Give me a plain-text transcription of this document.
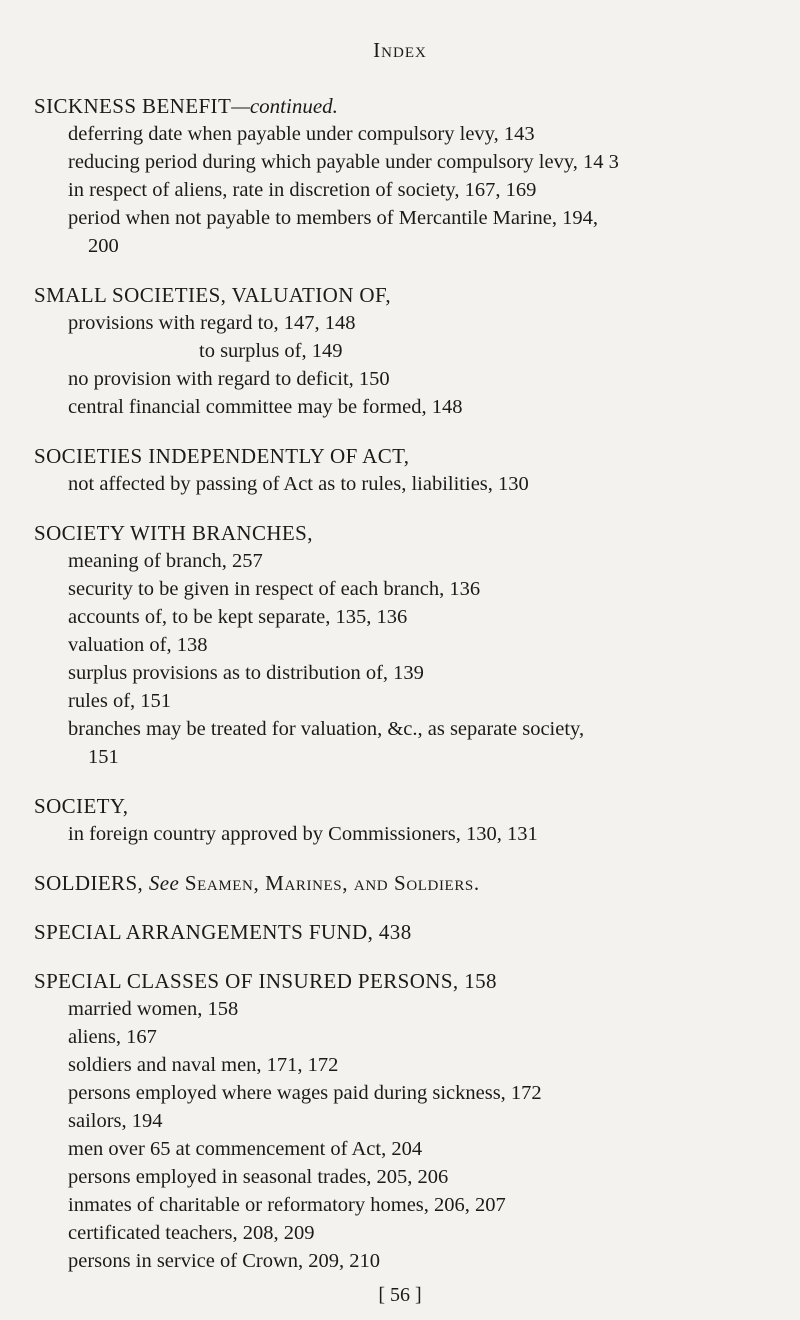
Index
SICKNESS BENEFIT—continued.
deferring date when payable under compulsory levy, 143
reducing period during which payable under compulsory levy, 14 3
in respect of aliens, rate in discretion of society, 167, 169
period when not payable to members of Mercantile Marine, 194,
200
SMALL SOCIETIES, VALUATION OF,
provisions with regard to, 147, 148
to surplus of, 149
no provision with regard to deficit, 150
central financial committee may be formed, 148
SOCIETIES INDEPENDENTLY OF ACT,
not affected by passing of Act as to rules, liabilities, 130
SOCIETY WITH BRANCHES,
meaning of branch, 257
security to be given in respect of each branch, 136
accounts of, to be kept separate, 135, 136
valuation of, 138
surplus provisions as to distribution of, 139
rules of, 151
branches may be treated for valuation, &c., as separate society,
151
SOCIETY,
in foreign country approved by Commissioners, 130, 131
SOLDIERS, See Seamen, Marines, and Soldiers.
SPECIAL ARRANGEMENTS FUND, 438
SPECIAL CLASSES OF INSURED PERSONS, 158
married women, 158
aliens, 167
soldiers and naval men, 171, 172
persons employed where wages paid during sickness, 172
sailors, 194
men over 65 at commencement of Act, 204
persons employed in seasonal trades, 205, 206
inmates of charitable or reformatory homes, 206, 207
certificated teachers, 208, 209
persons in service of Crown, 209, 210
[ 56 ]
